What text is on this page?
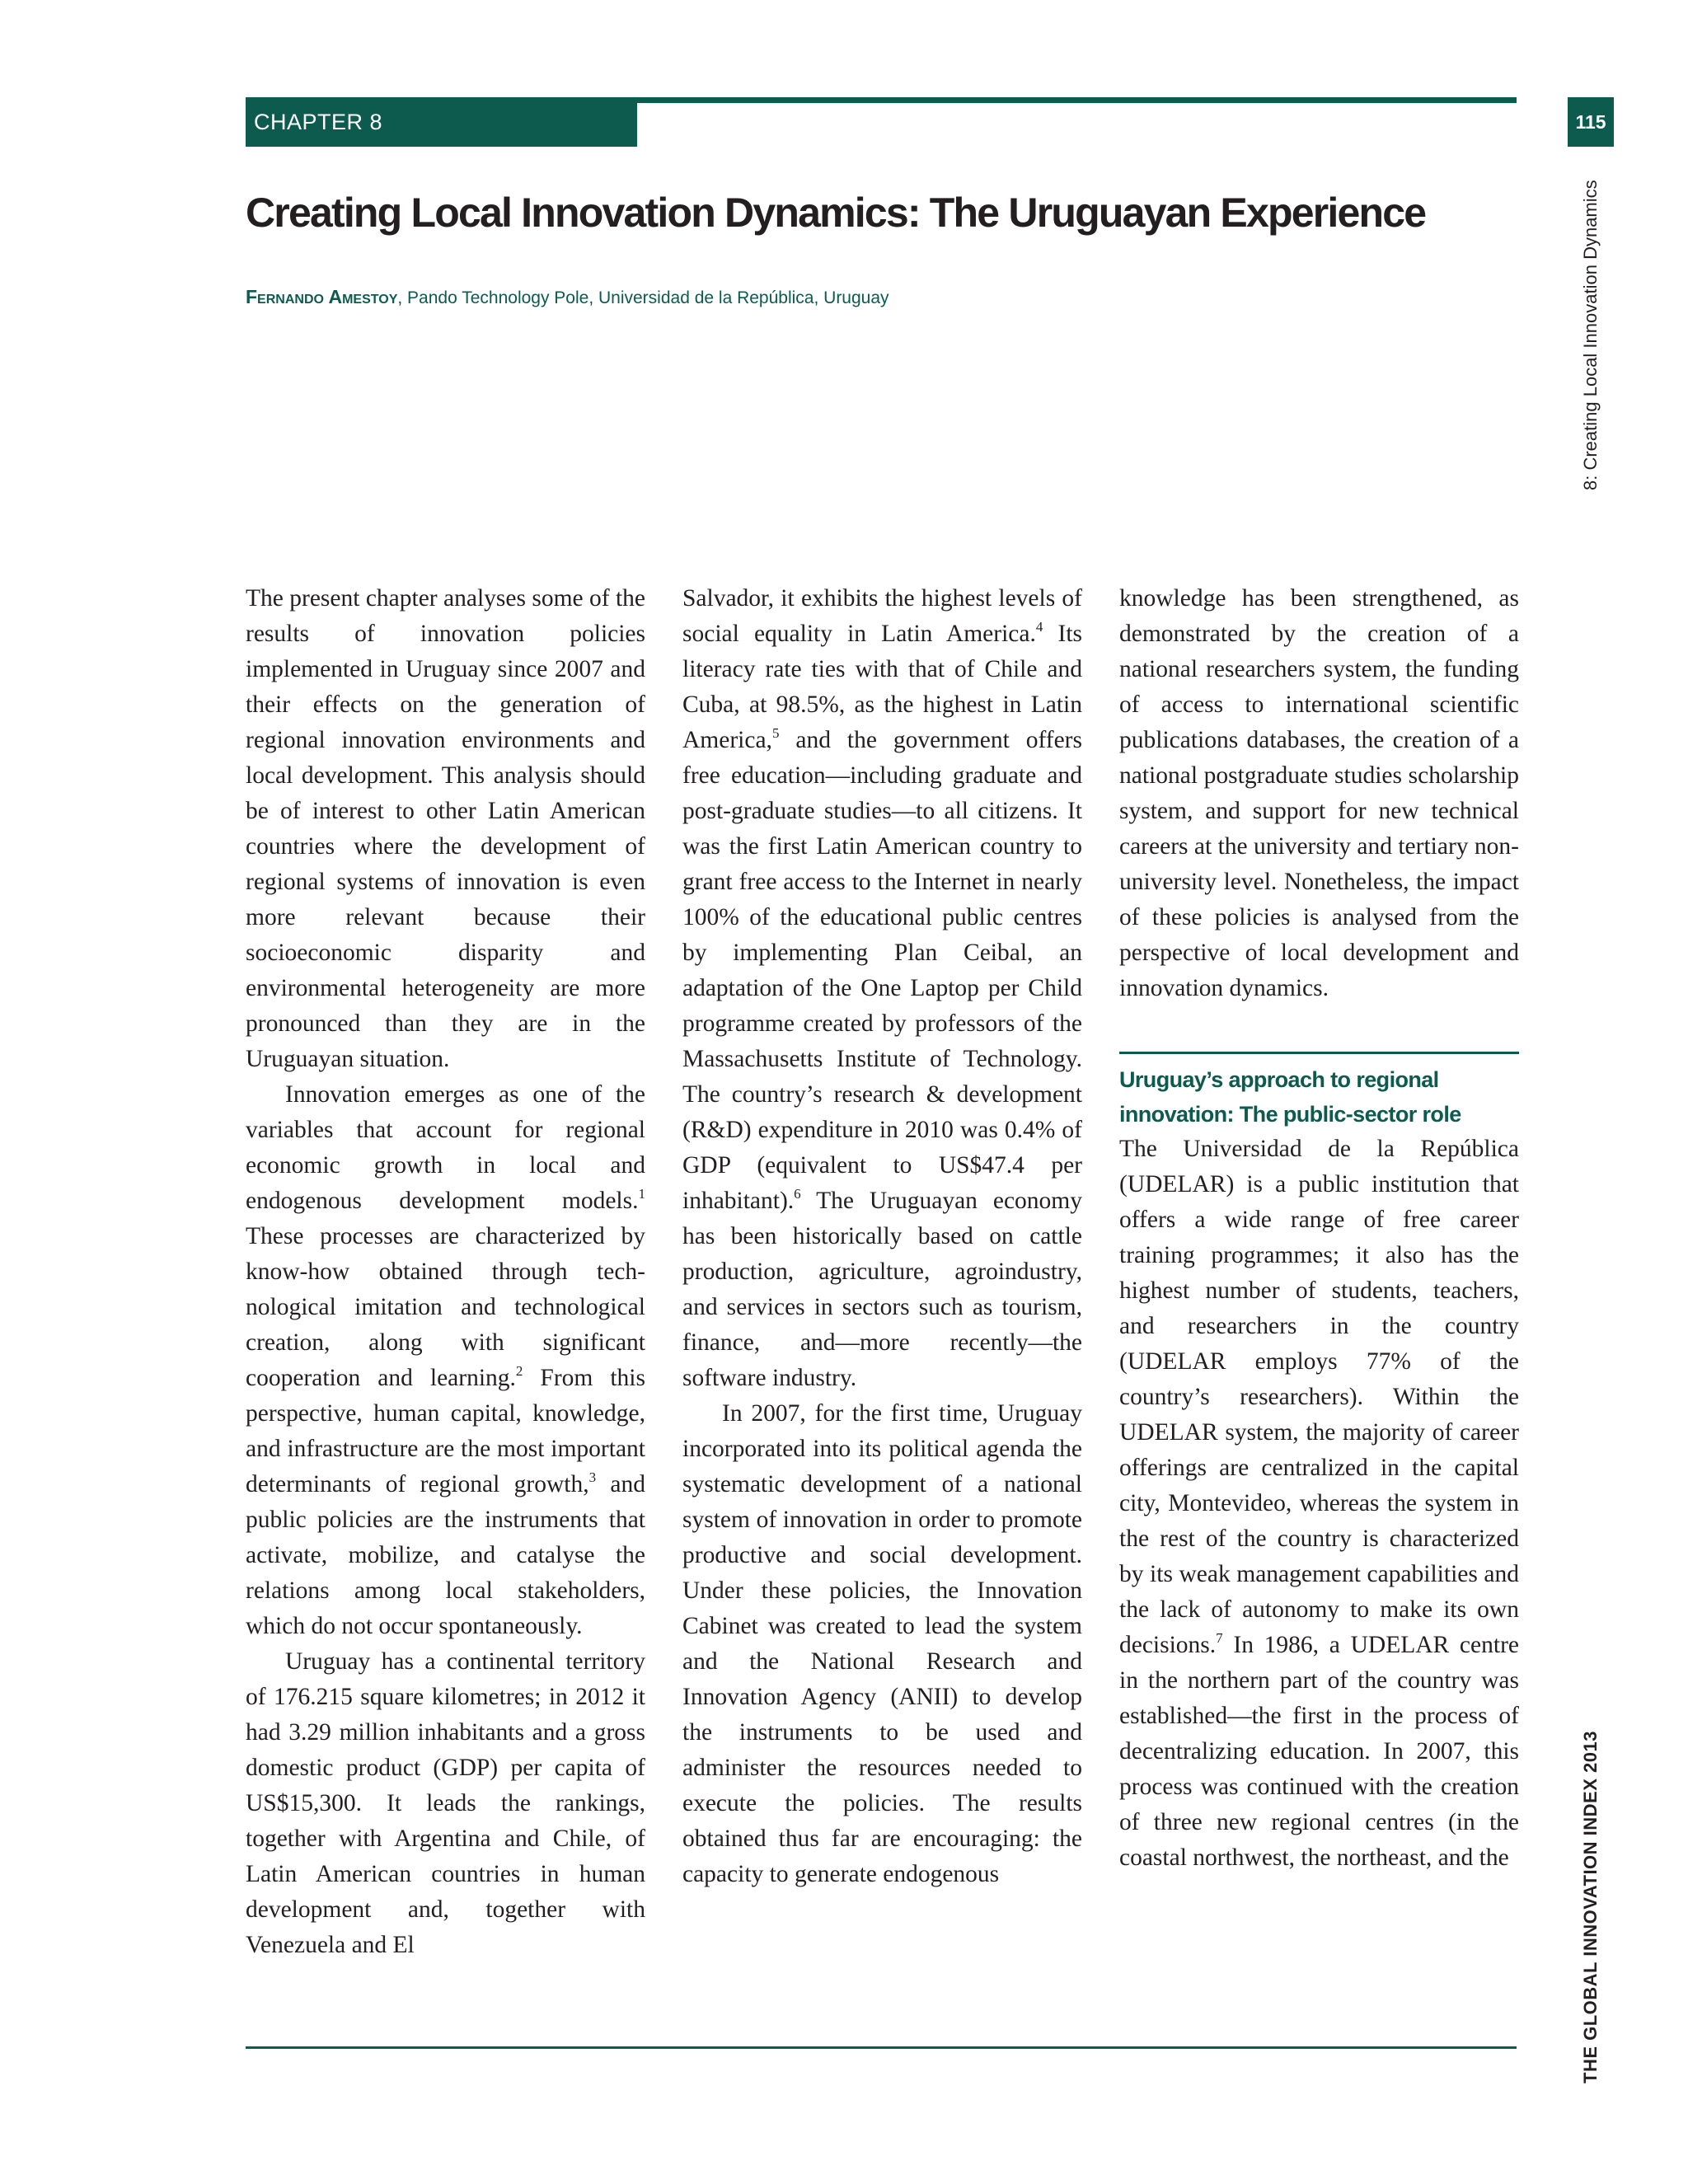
CHAPTER 8	115
8: Creating Local Innovation Dynamics
THE GLOBAL INNOVATION INDEX 2013
Creating Local Innovation Dynamics: The Uruguayan Experience
Fernando Amestoy, Pando Technology Pole, Universidad de la República, Uruguay

The present chapter analyses some of the results of innovation policies implemented in Uruguay since 2007 and their effects on the generation of regional innovation environments and local development. This analysis should be of interest to other Latin American countries where the development of regional systems of innovation is even more relevant because their socioeconomic disparity and environmental heterogeneity are more pronounced than they are in the Uruguayan situation.

Innovation emerges as one of the variables that account for regional economic growth in local and endogenous development models.$^1$ These processes are characterized by know-how obtained through technological imitation and technological creation, along with significant cooperation and learning.$^2$ From this perspective, human capital, knowledge, and infrastructure are the most important determinants of regional growth,$^3$ and public policies are the instruments that activate, mobilize, and catalyse the relations among local stakeholders, which do not occur spontaneously.

Uruguay has a continental territory of 176.215 square kilometres; in 2012 it had 3.29 million inhabitants and a gross domestic product (GDP) per capita of US$15,300. It leads the rankings, together with Argentina and Chile, of Latin American countries in human development and, together with Venezuela and El

Salvador, it exhibits the highest levels of social equality in Latin America.$^4$ Its literacy rate ties with that of Chile and Cuba, at 98.5%, as the highest in Latin America,$^5$ and the government offers free education—including graduate and post-graduate studies—to all citizens. It was the first Latin American country to grant free access to the Internet in nearly 100% of the educational public centres by implementing Plan Ceibal, an adaptation of the One Laptop per Child programme created by professors of the Massachusetts Institute of Technology. The country’s research & development (R&D) expenditure in 2010 was 0.4% of GDP (equivalent to US$47.4 per inhabitant).$^6$ The Uruguayan economy has been historically based on cattle production, agriculture, agroindustry, and services in sectors such as tourism, finance, and—more recently—the software industry.

In 2007, for the first time, Uruguay incorporated into its political agenda the systematic development of a national system of innovation in order to promote productive and social development. Under these policies, the Innovation Cabinet was created to lead the system and the National Research and Innovation Agency (ANII) to develop the instruments to be used and administer the resources needed to execute the policies. The results obtained thus far are encouraging: the capacity to generate endogenous

knowledge has been strengthened, as demonstrated by the creation of a national researchers system, the funding of access to international scientific publications databases, the creation of a national postgraduate studies scholarship system, and support for new technical careers at the university and tertiary non-university level. Nonetheless, the impact of these policies is analysed from the perspective of local development and innovation dynamics.

Uruguay’s approach to regional
innovation: The public-sector role

The Universidad de la República (UDELAR) is a public institution that offers a wide range of free career training programmes; it also has the highest number of students, teachers, and researchers in the country (UDELAR employs 77% of the country’s researchers). Within the UDELAR system, the majority of career offerings are centralized in the capital city, Montevideo, whereas the system in the rest of the country is characterized by its weak management capabilities and the lack of autonomy to make its own decisions.$^7$ In 1986, a UDELAR centre in the northern part of the country was established—the first in the process of decentralizing education. In 2007, this process was continued with the creation of three new regional centres (in the coastal northwest, the northeast, and the
